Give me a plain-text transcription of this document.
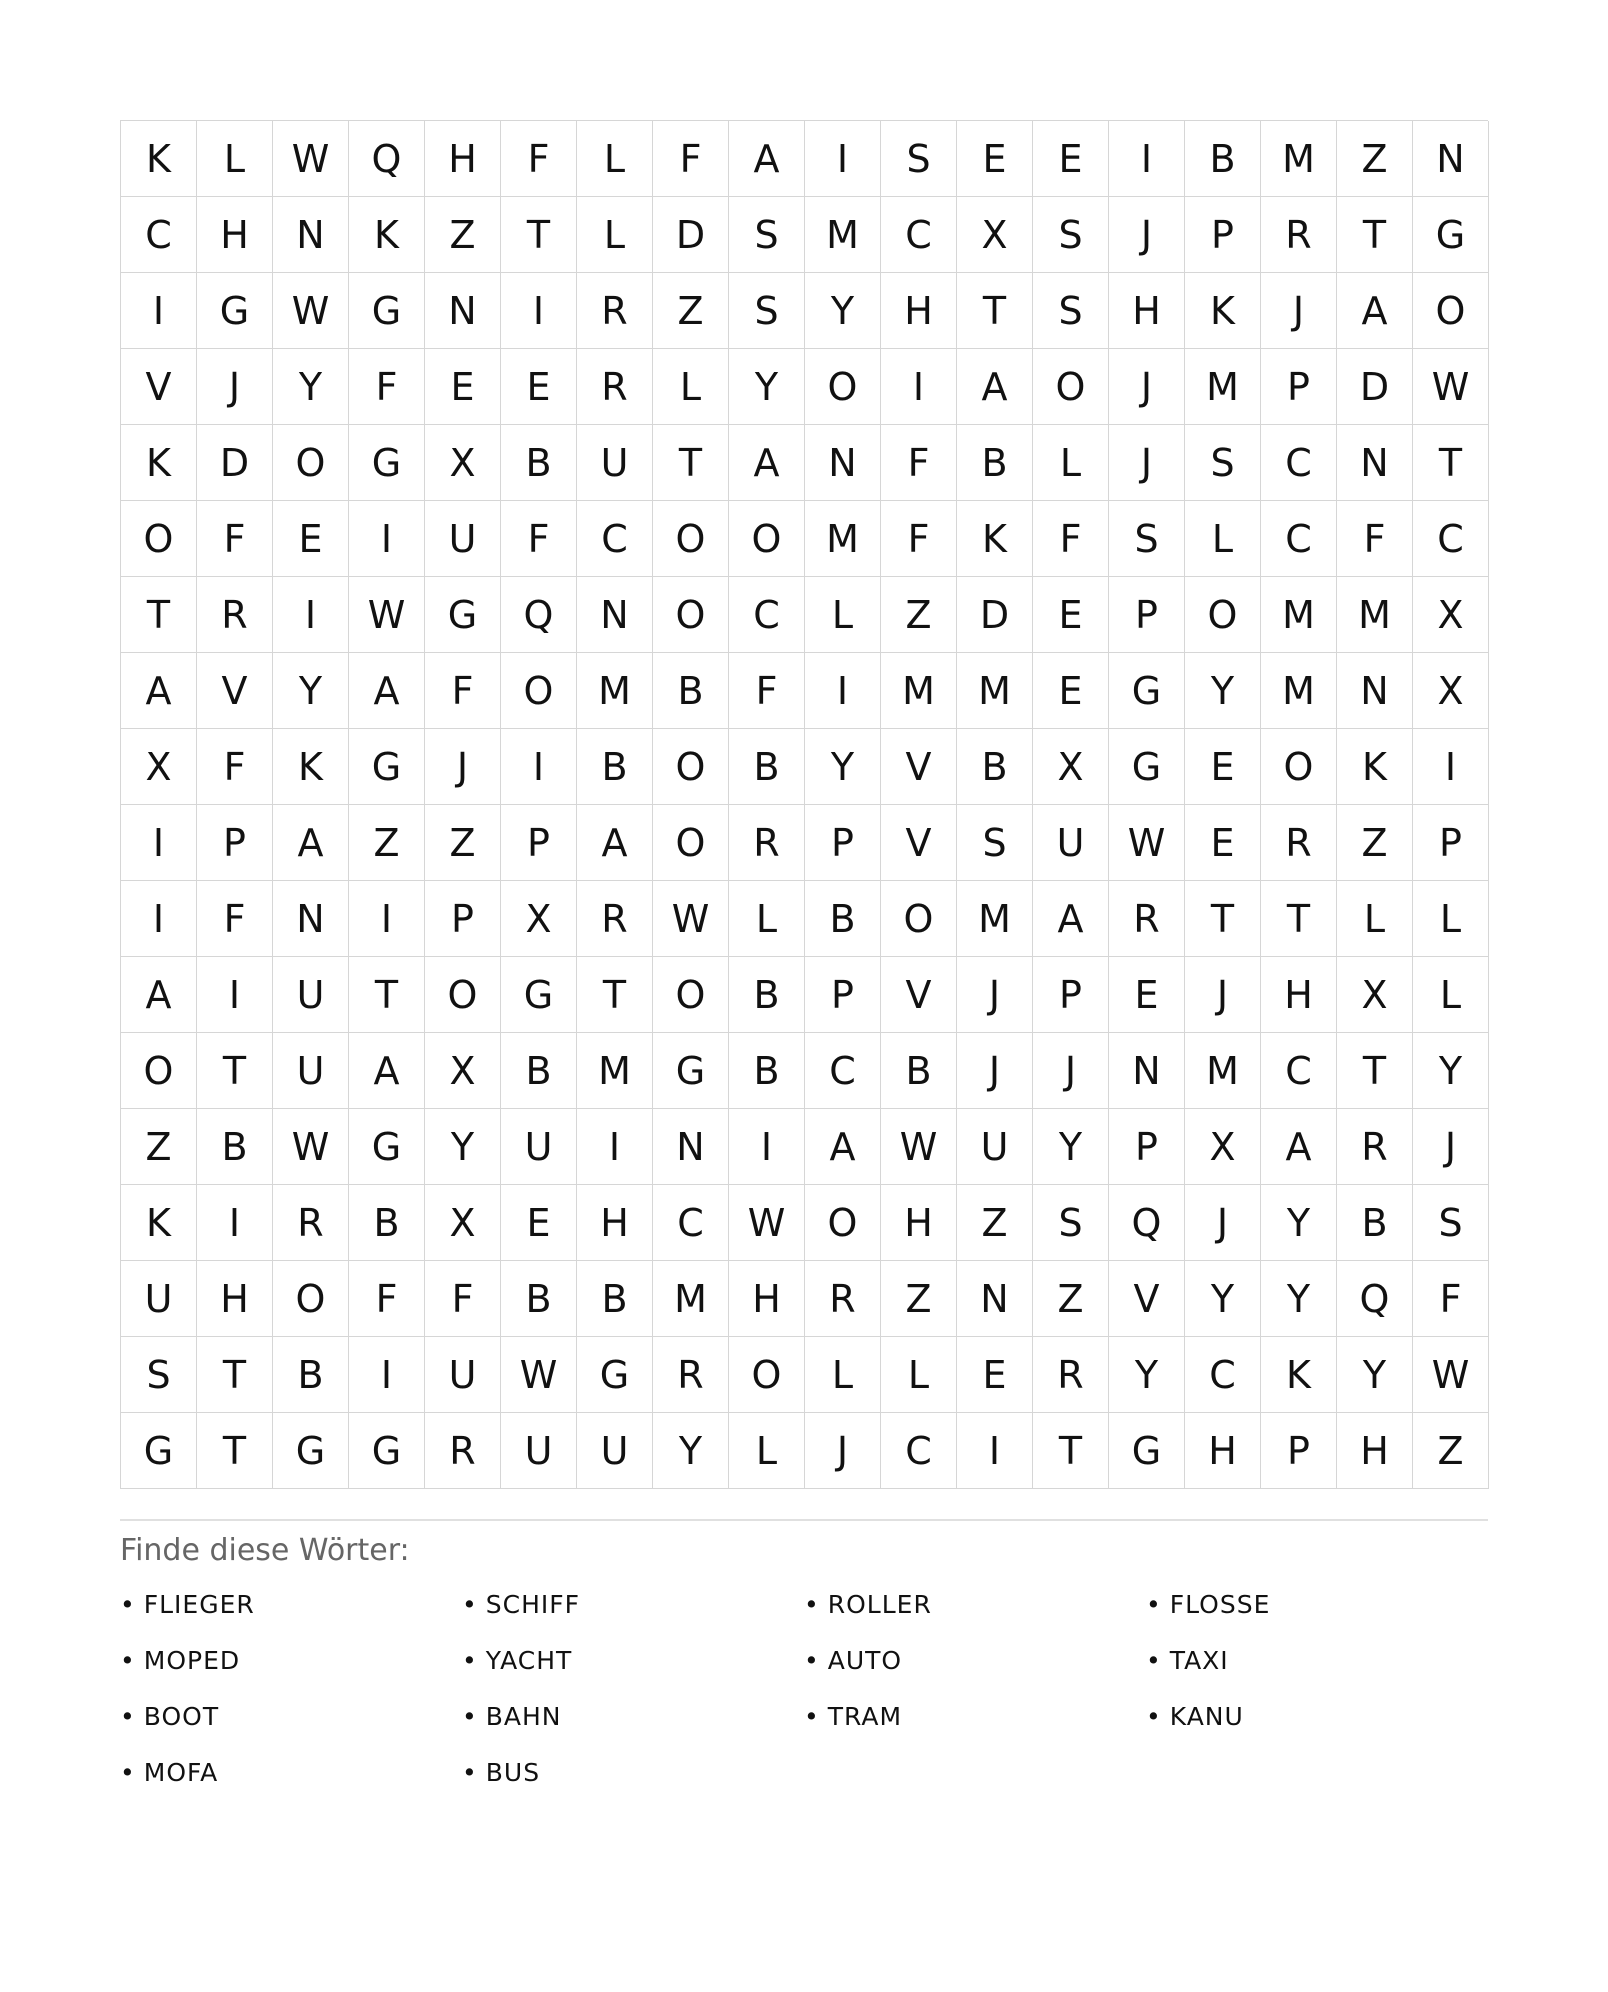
K	L	W	Q	H	F	L	F	A	I	S	E	E	I	B	M	Z	N
C	H	N	K	Z	T	L	D	S	M	C	X	S	J	P	R	T	G
I	G	W	G	N	I	R	Z	S	Y	H	T	S	H	K	J	A	O
V	J	Y	F	E	E	R	L	Y	O	I	A	O	J	M	P	D	W
K	D	O	G	X	B	U	T	A	N	F	B	L	J	S	C	N	T
O	F	E	I	U	F	C	O	O	M	F	K	F	S	L	C	F	C
T	R	I	W	G	Q	N	O	C	L	Z	D	E	P	O	M	M	X
A	V	Y	A	F	O	M	B	F	I	M	M	E	G	Y	M	N	X
X	F	K	G	J	I	B	O	B	Y	V	B	X	G	E	O	K	I
I	P	A	Z	Z	P	A	O	R	P	V	S	U	W	E	R	Z	P
I	F	N	I	P	X	R	W	L	B	O	M	A	R	T	T	L	L
A	I	U	T	O	G	T	O	B	P	V	J	P	E	J	H	X	L
O	T	U	A	X	B	M	G	B	C	B	J	J	N	M	C	T	Y
Z	B	W	G	Y	U	I	N	I	A	W	U	Y	P	X	A	R	J
K	I	R	B	X	E	H	C	W	O	H	Z	S	Q	J	Y	B	S
U	H	O	F	F	B	B	M	H	R	Z	N	Z	V	Y	Y	Q	F
S	T	B	I	U	W	G	R	O	L	L	E	R	Y	C	K	Y	W
G	T	G	G	R	U	U	Y	L	J	C	I	T	G	H	P	H	Z
Finde diese Wörter:
• FLIEGER	• SCHIFF	• ROLLER	• FLOSSE
• MOPED	• YACHT	• AUTO	• TAXI
• BOOT	• BAHN	• TRAM	• KANU
• MOFA	• BUS
